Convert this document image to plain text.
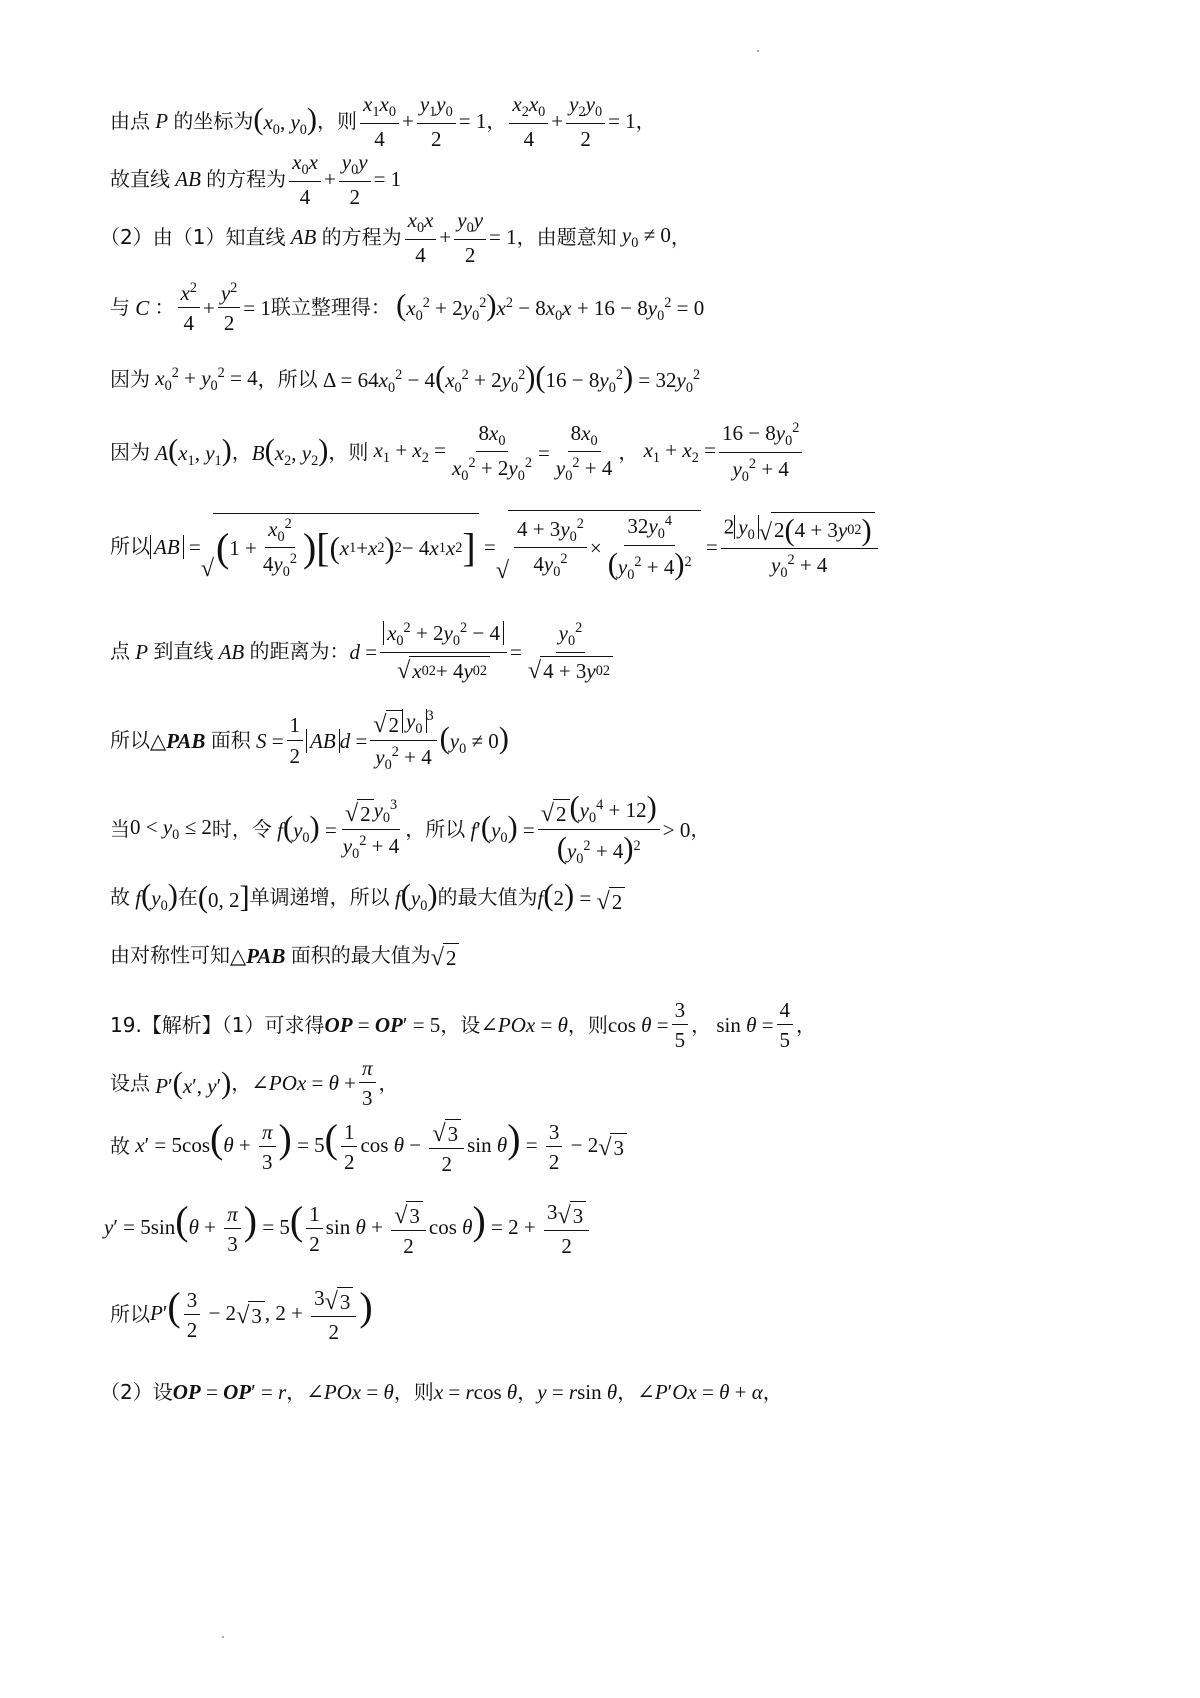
由点 P 的坐标为 ($x_0$, $y_0$) ，则 $\frac{x_1x_0}{4} + \frac{y_1y_0}{2} = 1$ ， $\frac{x_2x_0}{4} + \frac{y_2y_0}{2} = 1$ ，
故直线 AB 的方程为 $\frac{x_0x}{4} + \frac{y_0y}{2} = 1$
（2）由（1）知直线 AB 的方程为 $\frac{x_0x}{4} + \frac{y_0y}{2} = 1$ ，由题意知 $y_0 \ne 0$ ，
与 C ： $\frac{x^2}{4} + \frac{y^2}{2} = 1$ 联立整理得： $(x_0^2 + 2y_0^2)x^2 - 8x_0x + 16 - 8y_0^2 = 0$
因为 $x_0^2 + y_0^2 = 4$ ，所以 $\Delta = 64x_0^2 - 4(x_0^2 + 2y_0^2)(16 - 8y_0^2) = 32y_0^2$
因为 $A(x_1$, $y_1$) ， $B(x_2$, $y_2$) ，则 $x_1 + x_2 = \frac{8x_0}{x_0^2 + 2y_0^2} = \frac{8x_0}{y_0^2 + 4}$ ， $x_1 + x_2 = \frac{16 - 8y_0^2}{y_0^2 + 4}$
所以 AB =
√ ( $1 + \frac{x_0^2}{4y_0^2}$ ) [ ( x 1 + x 2 ) 2 − 4 x 1 x 2 ] =
√ $\frac{4 + 3y_0^2}{4y_0^2} \times \frac{32y_0^4}{(y_0^2 + 4)^2} = \frac{2 y_0 √ 2 ( 4 + 3 y 0 2 )}{y_0^2 + 4}$
点 P 到直线 AB 的距离为： $d = \frac{x_0^2 + 2y_0^2 - 4}{√ x 0 2 + 4 y 0 2} = \frac{y_0^2}{√ 4 + 3 y 0 2}$
所以 △PAB 面积 $S = \frac{1}{2}$ AB $d = \frac{√ 2 y_0^3}{y_0^2 + 4} (y_0 \ne 0)$
当 $0 < y_0 \le 2$ 时，令 $f(y_0) = \frac{√ 2 y_0^3}{y_0^2 + 4}$ ，所以 $f'(y_0) = \frac{√ 2 (y_0^4 + 12)}{(y_0^2 + 4)^2} > 0$ ，
故 $f(y_0)$ 在 (0, 2] 单调递增，所以 $f(y_0)$ 的最大值为 f(2) = √ 2
由对称性可知 △PAB 面积的最大值为 √ 2
19.【解析】（1）可求得 OP = OP′ = 5 ，设 ∠POx = θ ，则 $\cos \theta = \frac{3}{5}$ ， $\sin \theta = \frac{4}{5}$ ，
设点 P′(x′, y′) ， ∠POx = $\theta + \frac{\pi}{3}$ ，
故 $x' = 5\cos(\theta + \frac{\pi}{3}$ ) = $5( \frac{1}{2}$ $\cos \theta - \frac{√ 3}{2}$ $\sin \theta) = \frac{3}{2} - 2$ √ 3
$y' = 5\sin(\theta + \frac{\pi}{3}$ ) = $5( \frac{1}{2}$ $\sin \theta + \frac{√ 3}{2}$ $\cos \theta) = 2 + \frac{3 √ 3}{2}$
所以 $P'( \frac{3}{2} - 2$ √ 3 , $2 + \frac{3 √ 3}{2}$ )
（2）设 OP = OP′ = r ， ∠POx = θ ，则 x = rcos θ ， y = rsin θ ， ∠P′Ox = θ + α ，
